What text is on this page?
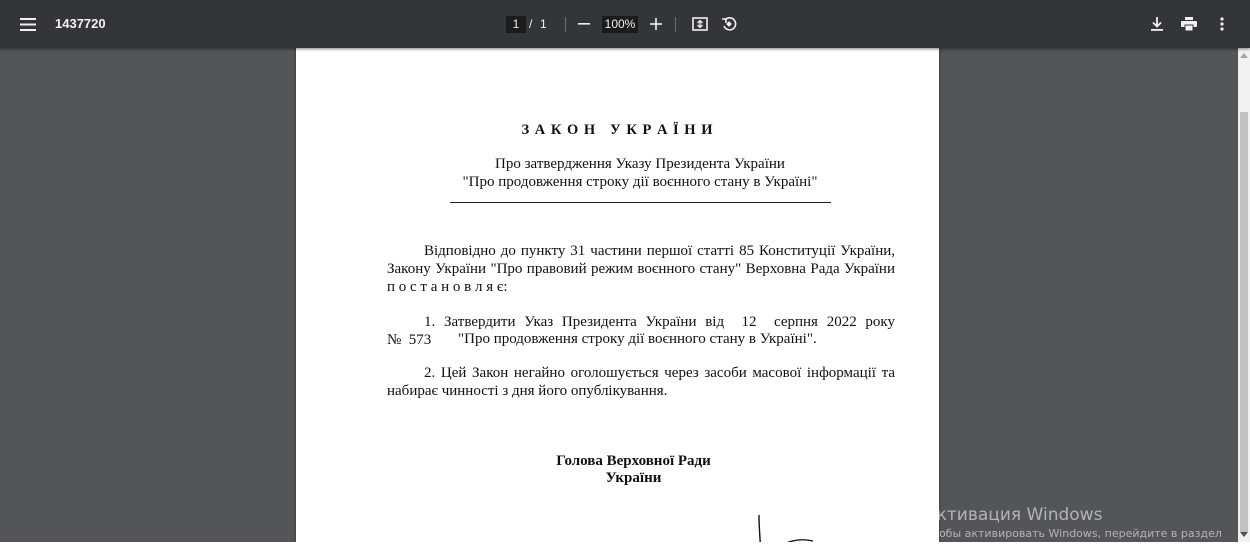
1437720	1 / 1	100%
З А К О Н   У К Р А Ї Н И
Про затвердження Указу Президента України
"Про продовження строку дії воєнного стану в Україні"
Відповідно до пункту 31 частини першої статті 85 Конституції України,
Закону України "Про правовий режим воєнного стану" Верховна Рада України
п о с т а н о в л я є:
1. Затвердити Указ Президента України від  12  серпня 2022 року
№  573 "Про продовження строку дії воєнного стану в Україні".
2. Цей Закон негайно оголошується через засоби масової інформації та
набирає чинності з дня його опублікування.
Голова Верховної Ради
України
Активация Windows
Чтобы активировать Windows, перейдите в раздел
